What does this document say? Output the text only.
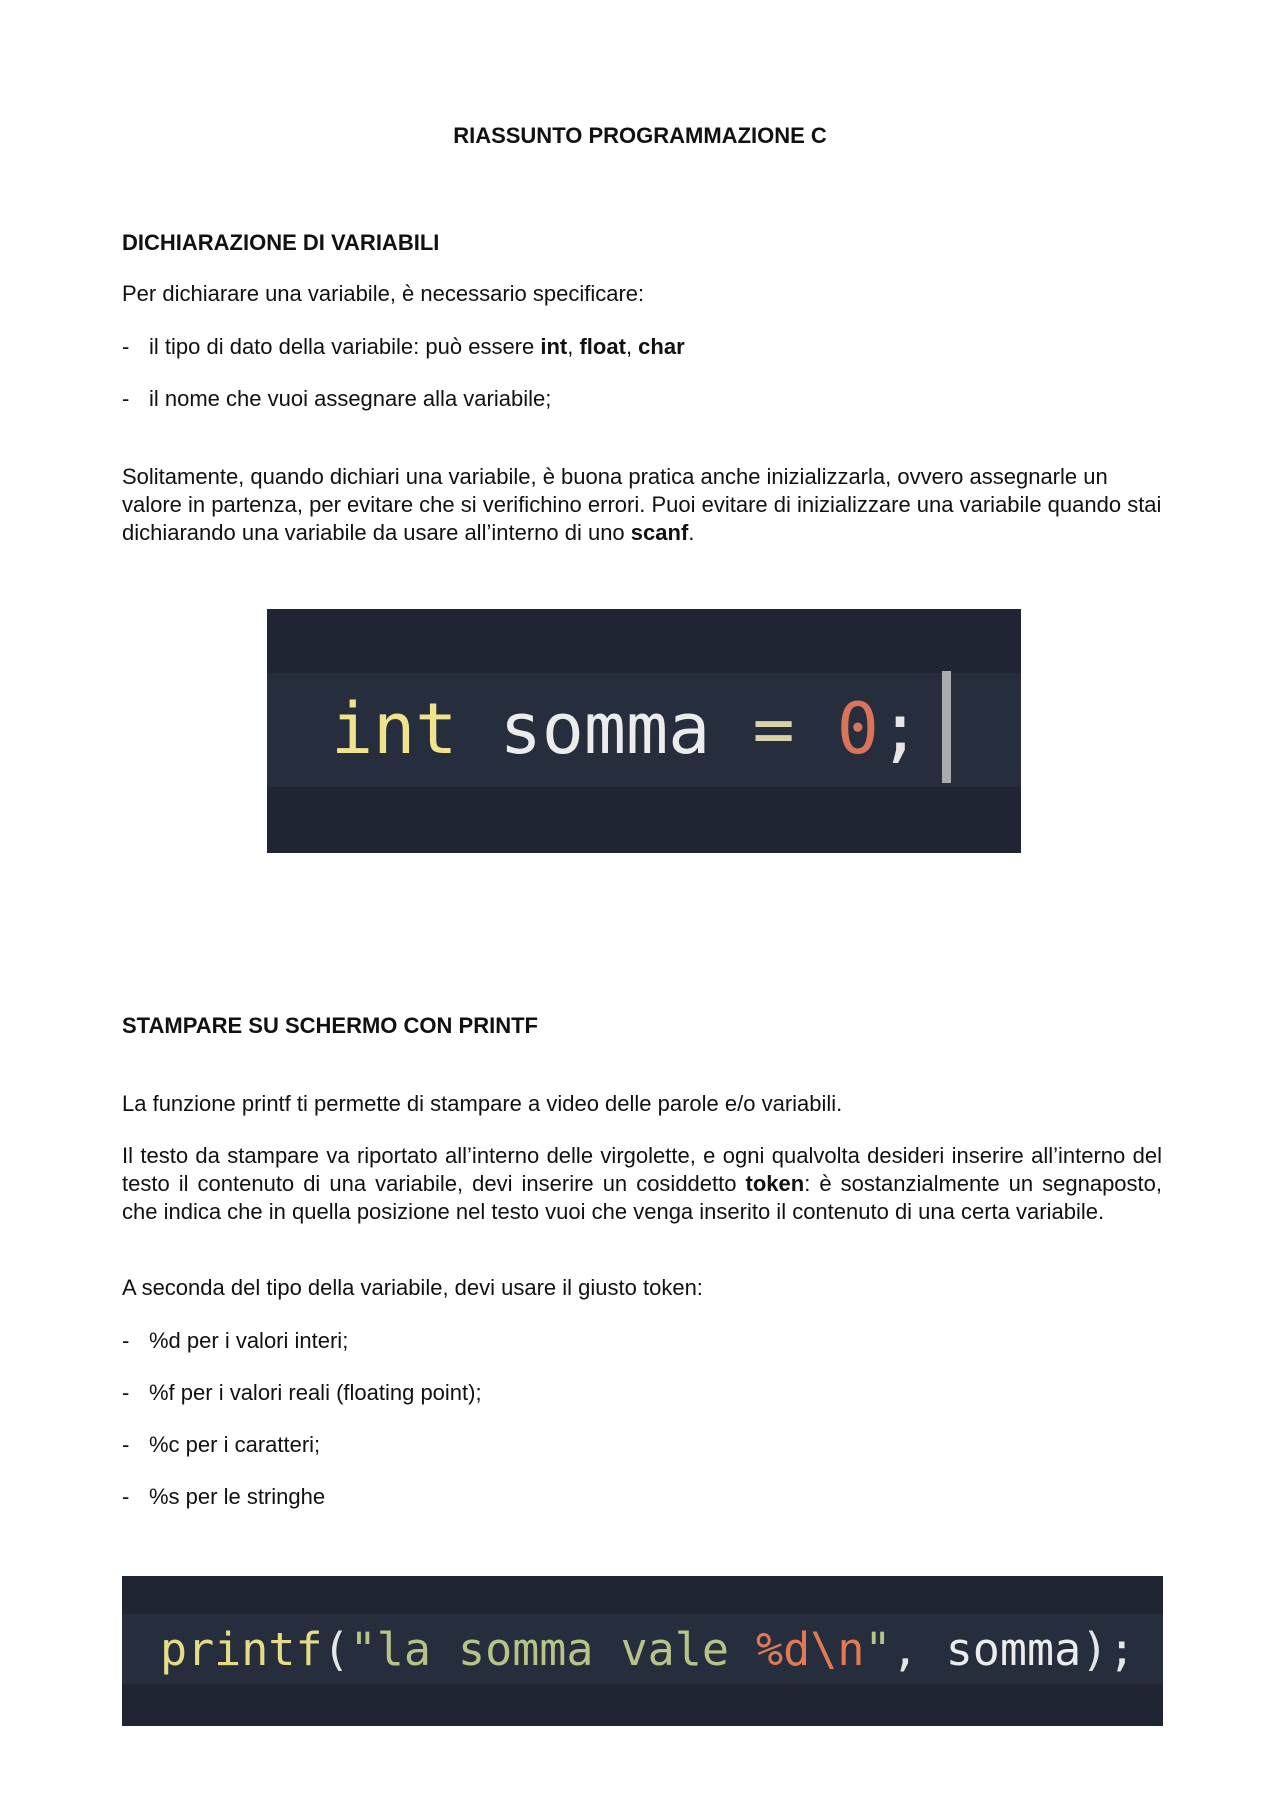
RIASSUNTO PROGRAMMAZIONE C
DICHIARAZIONE DI VARIABILI
Per dichiarare una variabile, è necessario specificare:
- il tipo di dato della variabile: può essere int, float, char
- il nome che vuoi assegnare alla variabile;
Solitamente, quando dichiari una variabile, è buona pratica anche inizializzarla, ovvero assegnarle un valore in partenza, per evitare che si verifichino errori. Puoi evitare di inizializzare una variabile quando stai dichiarando una variabile da usare all’interno di uno scanf.
int somma = 0;
STAMPARE SU SCHERMO CON PRINTF
La funzione printf ti permette di stampare a video delle parole e/o variabili.
Il testo da stampare va riportato all’interno delle virgolette, e ogni qualvolta desideri inserire all’interno del testo il contenuto di una variabile, devi inserire un cosiddetto token: è sostanzialmente un segnaposto, che indica che in quella posizione nel testo vuoi che venga inserito il contenuto di una certa variabile.
A seconda del tipo della variabile, devi usare il giusto token:
- %d per i valori interi;
- %f per i valori reali (floating point);
- %c per i caratteri;
- %s per le stringhe
printf("la somma vale %d\n", somma);
